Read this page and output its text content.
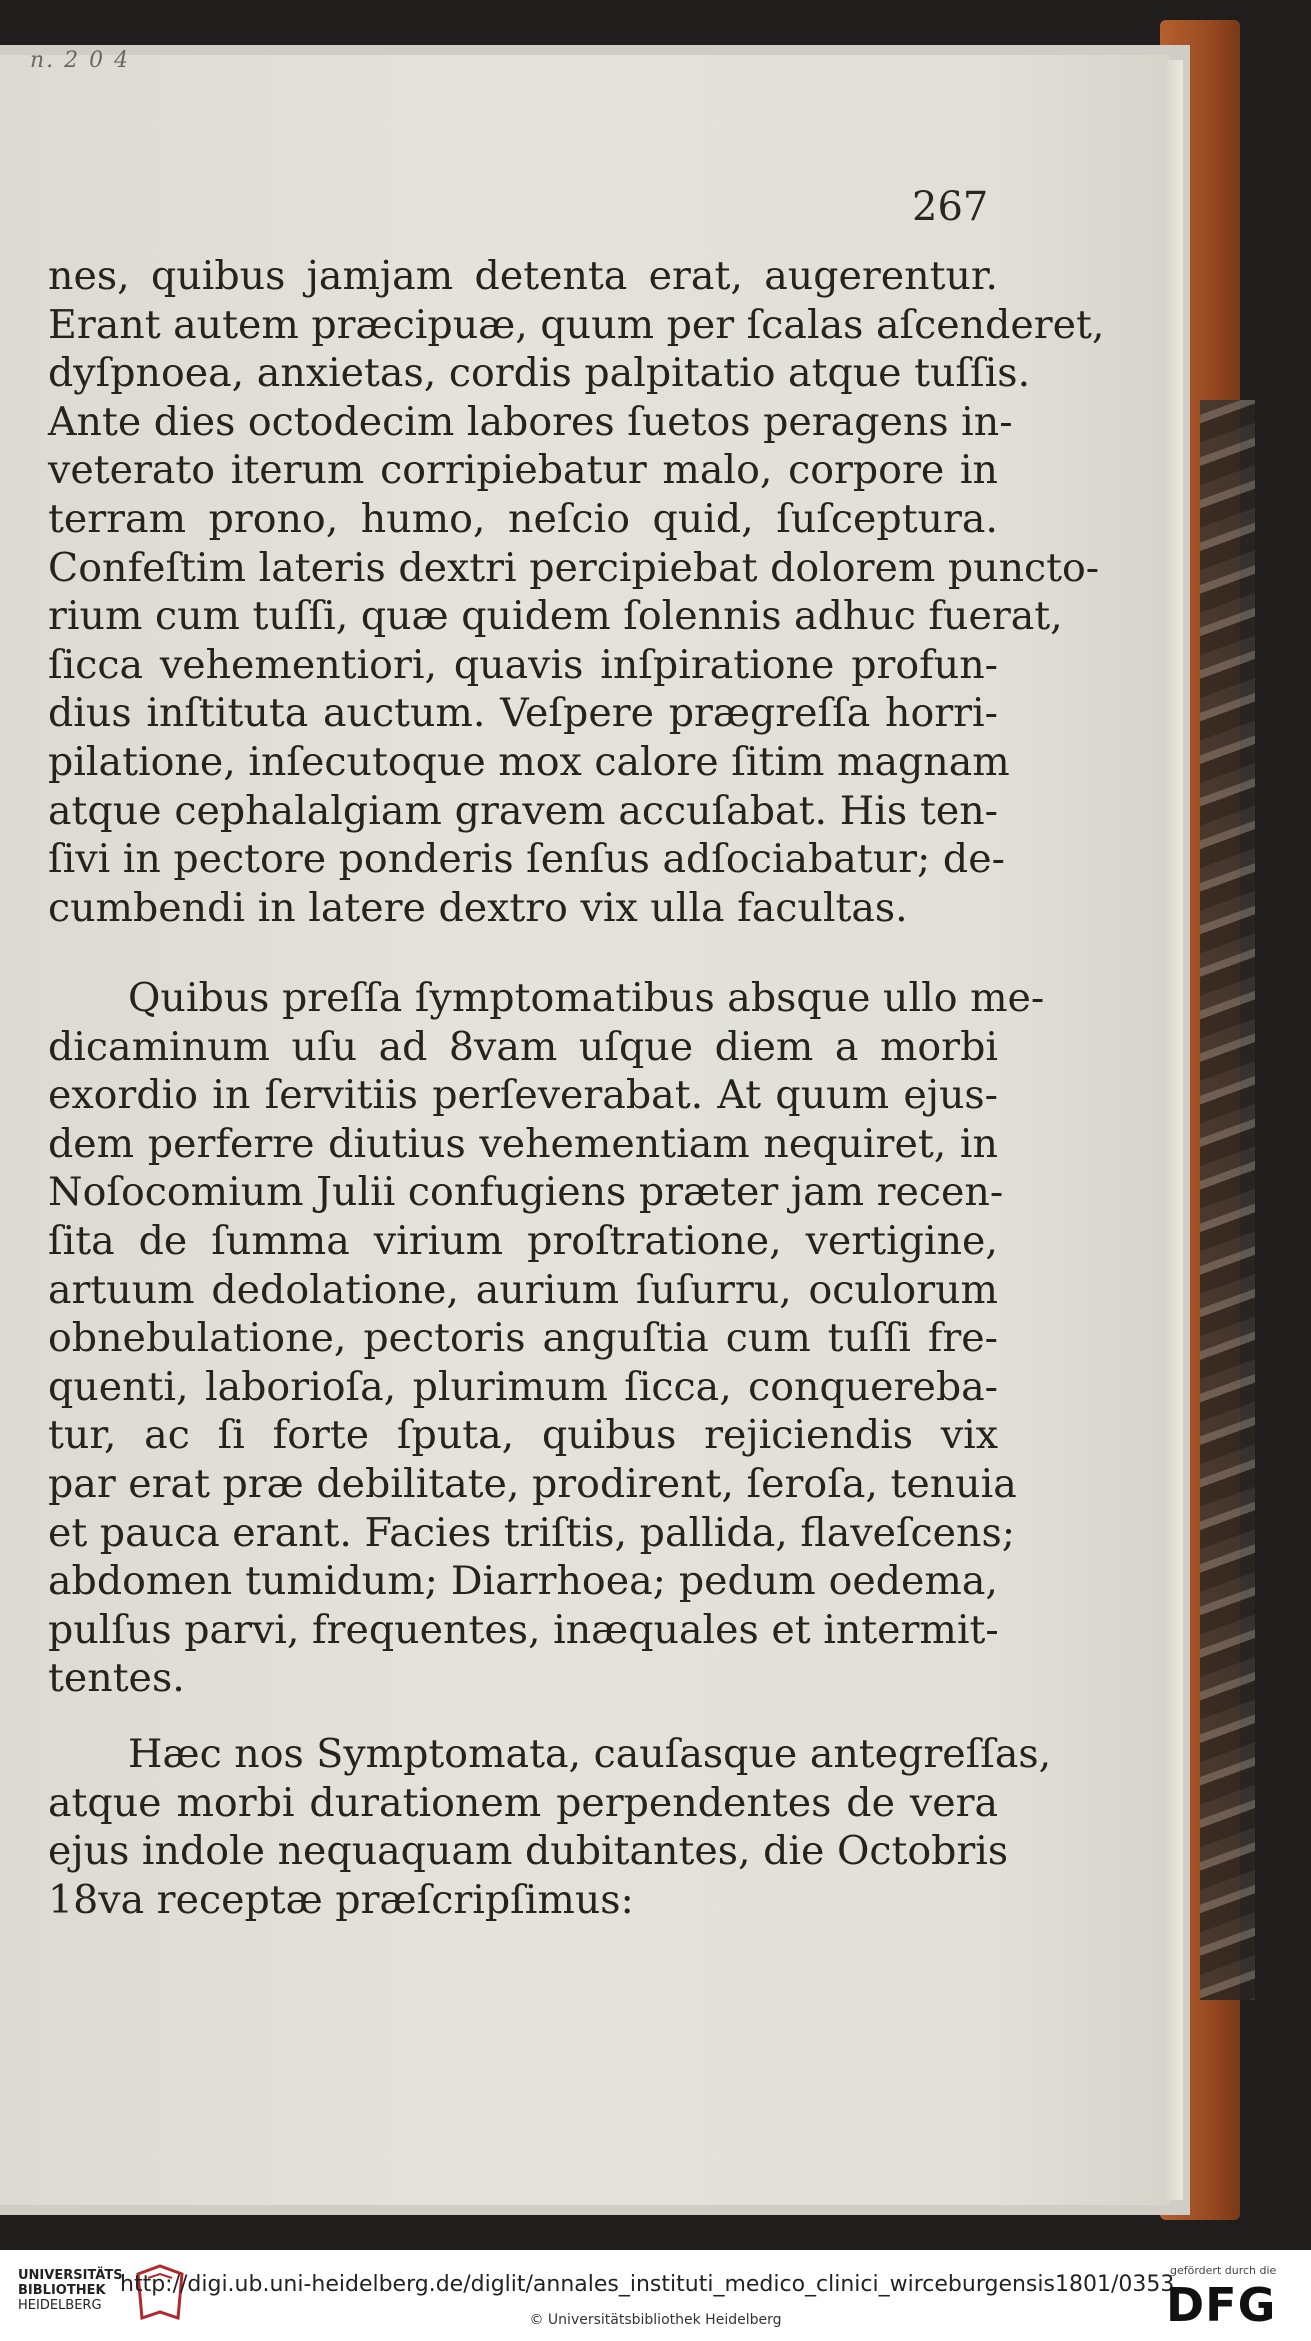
n. 2 0 4
267
nes, quibus jamjam detenta erat, augerentur.
Erant autem præcipuæ, quum per ſcalas aſcenderet,
dyſpnoea, anxietas, cordis palpitatio atque tuſſis.
Ante dies octodecim labores ſuetos peragens in-
veterato iterum corripiebatur malo, corpore in
terram prono, humo, neſcio quid, ſuſceptura.
Confeſtim lateris dextri percipiebat dolorem puncto-
rium cum tuſſi, quæ quidem ſolennis adhuc fuerat,
ſicca vehementiori, quavis inſpiratione profun-
dius inſtituta auctum. Veſpere prægreſſa horri-
pilatione, inſecutoque mox calore ſitim magnam
atque cephalalgiam gravem accuſabat. His ten-
ſivi in pectore ponderis ſenſus adſociabatur; de-
cumbendi in latere dextro vix ulla facultas.
Quibus preſſa ſymptomatibus absque ullo me-
dicaminum uſu ad 8vam uſque diem a morbi
exordio in ſervitiis perſeverabat. At quum ejus-
dem perferre diutius vehementiam nequiret, in
Noſocomium Julii confugiens præter jam recen-
ſita de ſumma virium proſtratione, vertigine,
artuum dedolatione, aurium ſuſurru, oculorum
obnebulatione, pectoris anguſtia cum tuſſi fre-
quenti, laborioſa, plurimum ſicca, conquereba-
tur, ac ſi forte ſputa, quibus rejiciendis vix
par erat præ debilitate, prodirent, ſeroſa, tenuia
et pauca erant. Facies triſtis, pallida, flaveſcens;
abdomen tumidum; Diarrhoea; pedum oedema,
pulſus parvi, frequentes, inæquales et intermit-
tentes.
Hæc nos Symptomata, cauſasque antegreſſas,
atque morbi durationem perpendentes de vera
ejus indole nequaquam dubitantes, die Octobris
18va receptæ præſcripſimus:
UNIVERSITÄTS
BIBLIOTHEK
HEIDELBERG
http://digi.ub.uni-heidelberg.de/diglit/annales_instituti_medico_clinici_wirceburgensis1801/0353
© Universitätsbibliothek Heidelberg
gefördert durch die
DFG
